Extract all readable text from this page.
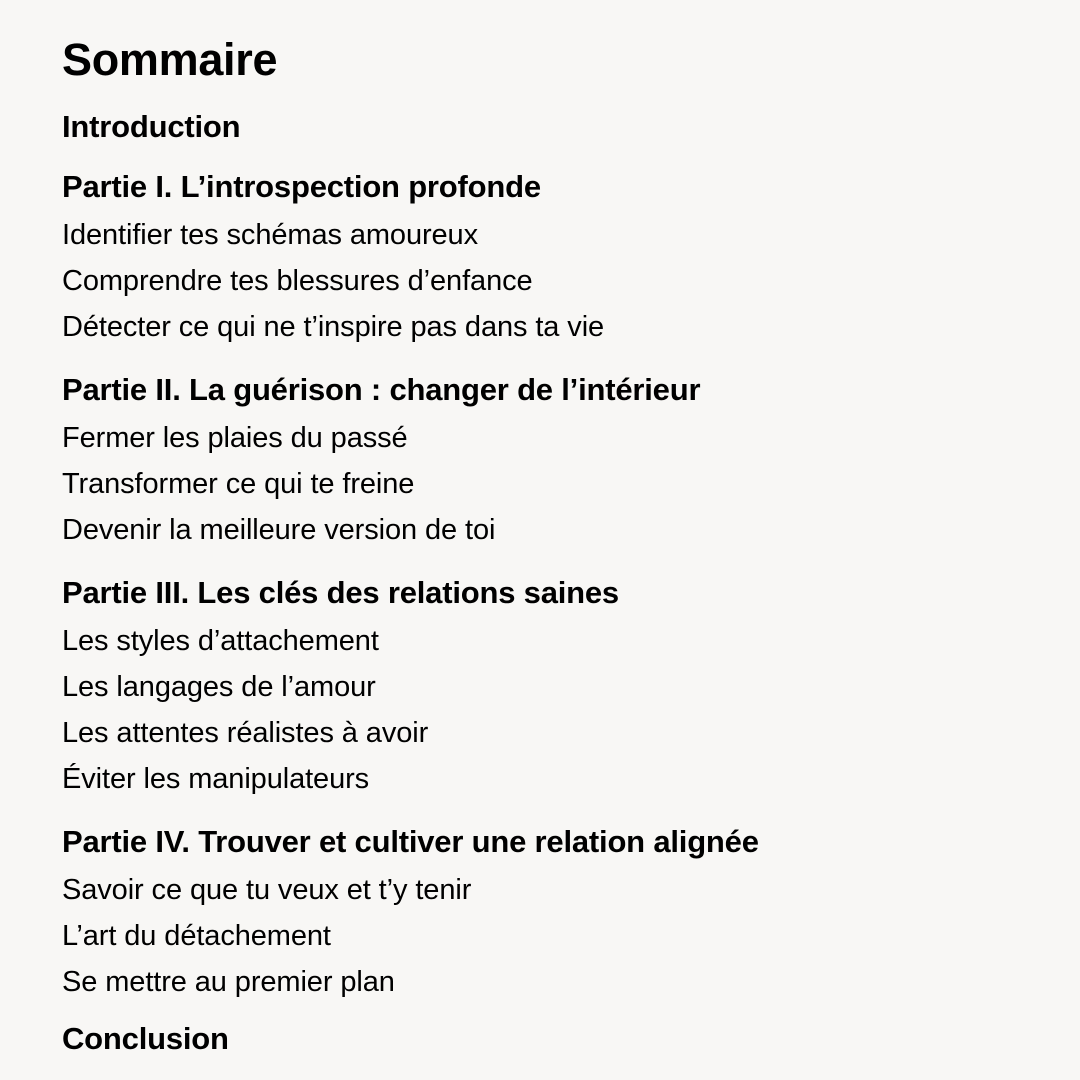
Sommaire
Introduction
Partie I. L’introspection profonde
Identifier tes schémas amoureux
Comprendre tes blessures d’enfance
Détecter ce qui ne t’inspire pas dans ta vie
Partie II. La guérison : changer de l’intérieur
Fermer les plaies du passé
Transformer ce qui te freine
Devenir la meilleure version de toi
Partie III. Les clés des relations saines
Les styles d’attachement
Les langages de l’amour
Les attentes réalistes à avoir
Éviter les manipulateurs
Partie IV. Trouver et cultiver une relation alignée
Savoir ce que tu veux et t’y tenir
L’art du détachement
Se mettre au premier plan
Conclusion
